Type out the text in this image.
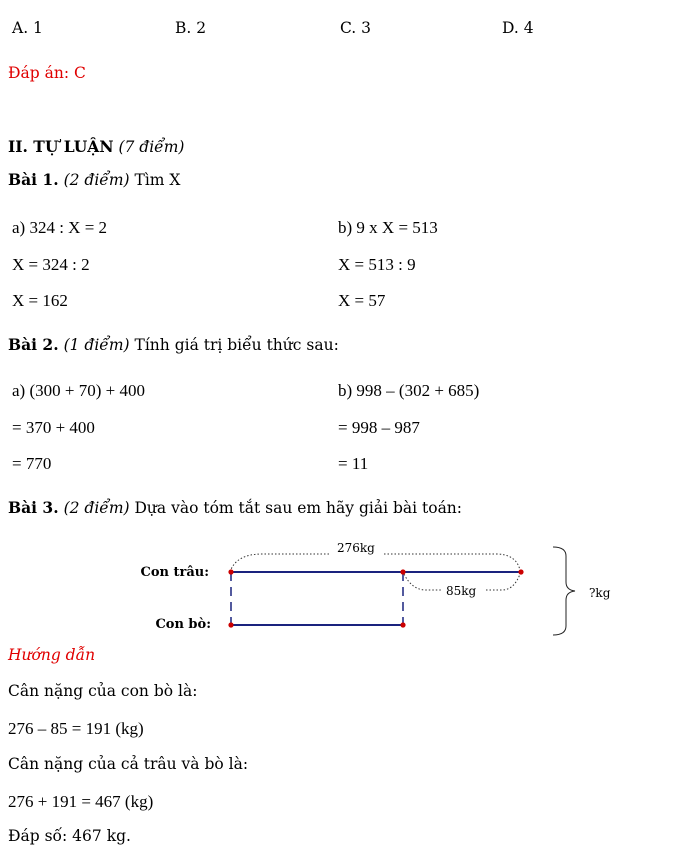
A. 1	B. 2	C. 3	D. 4
Đáp án: C
II. TỰ LUẬN (7 điểm)
Bài 1. (2 điểm) Tìm X
a) 324 : X = 2
X = 324 : 2
X = 162
b) 9 x X = 513
X = 513 : 9
X = 57
Bài 2. (1 điểm) Tính giá trị biểu thức sau:
a) (300 + 70) + 400
= 370 + 400
= 770
b) 998 – (302 + 685)
= 998 – 987
= 11
Bài 3. (2 điểm) Dựa vào tóm tắt sau em hãy giải bài toán:
Con trâu:
Con bò:
276kg
85kg	?kg
Hướng dẫn
Cân nặng của con bò là:
276 – 85 = 191 (kg)
Cân nặng của cả trâu và bò là:
276 + 191 = 467 (kg)
Đáp số: 467 kg.
